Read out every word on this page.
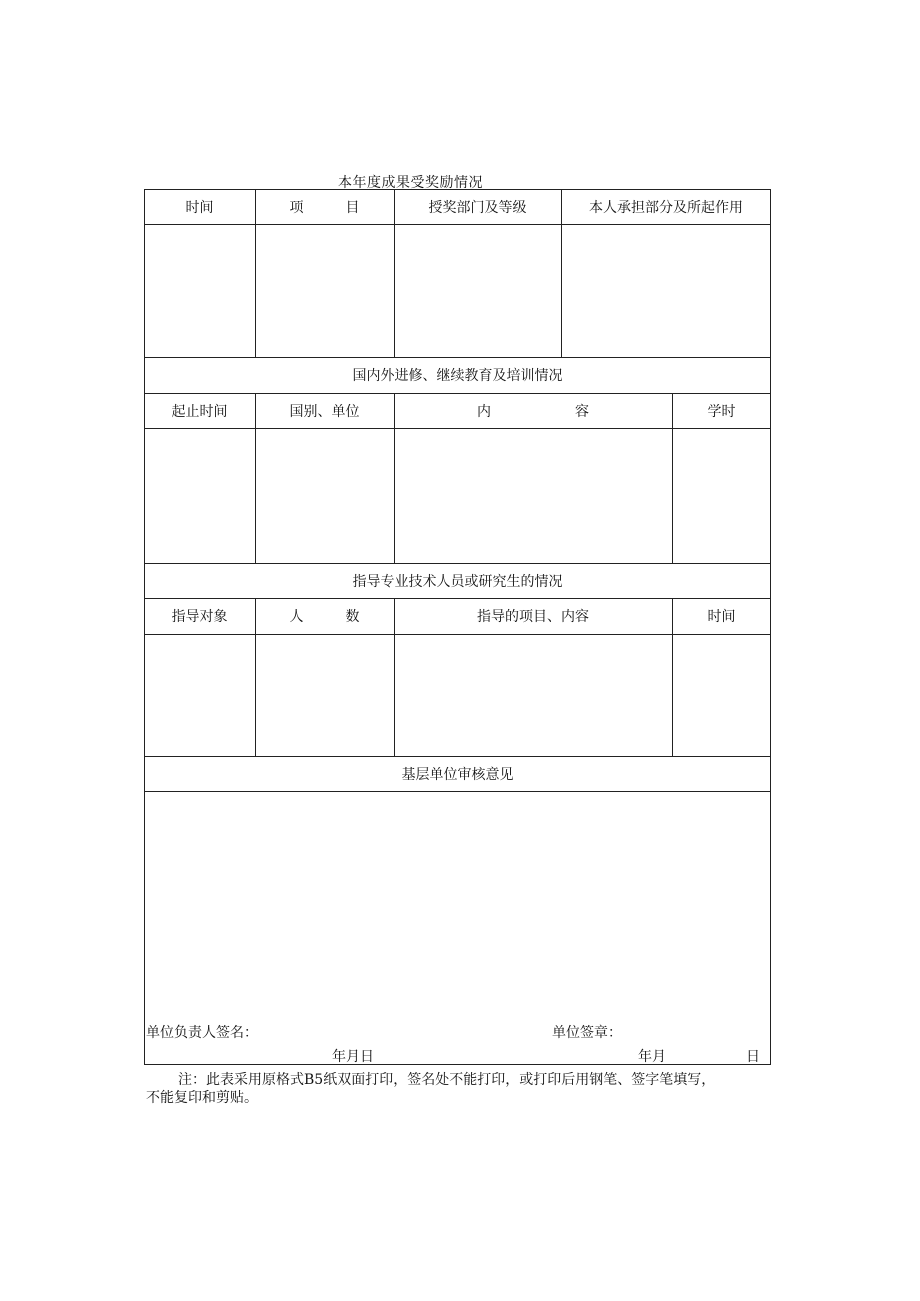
本年度成果受奖励情况
时间	项　　　目	授奖部门及等级	本人承担部分及所起作用
国内外进修、继续教育及培训情况
起止时间	国别、单位	内　　　　　　容	学时
指导专业技术人员或研究生的情况
指导对象	人　　　数	指导的项目、内容	时间
基层单位审核意见
单位负责人签名：	单位签章：
年月日	年月	日
注：此表采用原格式B5纸双面打印，签名处不能打印，或打印后用钢笔、签字笔填写，
不能复印和剪贴。
